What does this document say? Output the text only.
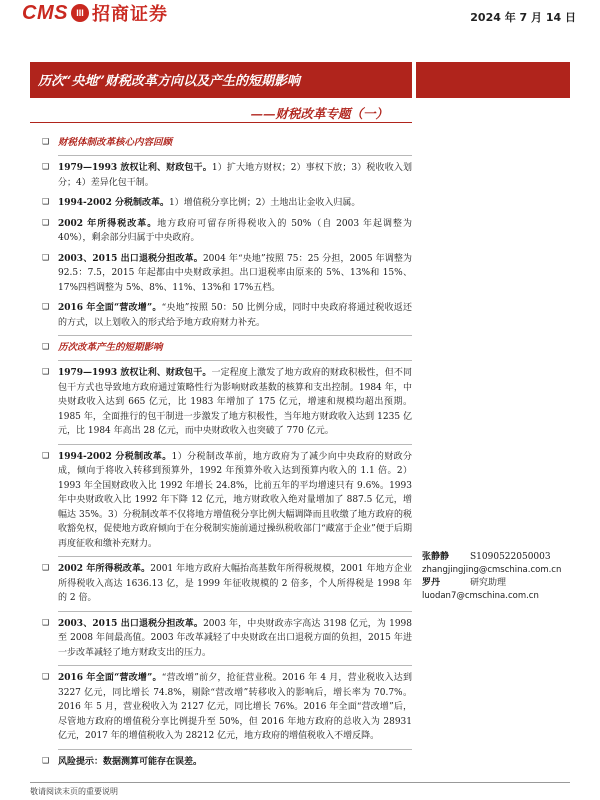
CMS III 招商证券	2024 年 7 月 14 日
历次“央地”财税改革方向以及产生的短期影响
——财税改革专题（一）
❑ 财税体制改革核心内容回顾
❑ 1979—1993 放权让利、财政包干。1）扩大地方财权；2）事权下放；3）税收收入划分；4）差异化包干制。
❑ 1994-2002 分税制改革。1）增值税分享比例；2）土地出让金收入归属。
❑ 2002 年所得税改革。地方政府可留存所得税收入的 50%（自 2003 年起调整为 40%），剩余部分归属于中央政府。
❑ 2003、2015 出口退税分担改革。2004 年“央地”按照 75：25 分担，2005 年调整为 92.5：7.5，2015 年起都由中央财政承担。出口退税率由原来的 5%、13%和 15%、17%四档调整为 5%、8%、11%、13%和 17%五档。
❑ 2016 年全面“营改增”。“央地”按照 50：50 比例分成，同时中央政府将通过税收返还的方式，以上划收入的形式给予地方政府财力补充。
❑ 历次改革产生的短期影响
❑ 1979—1993 放权让利、财政包干。一定程度上激发了地方政府的财政积极性，但不同包干方式也导致地方政府通过策略性行为影响财政基数的核算和支出控制。1984 年，中央财政收入达到 665 亿元，比 1983 年增加了 175 亿元，增速和规模均超出预期。1985 年，全面推行的包干制进一步激发了地方积极性，当年地方财政收入达到 1235 亿元，比 1984 年高出 28 亿元，而中央财政收入也突破了 770 亿元。
❑ 1994-2002 分税制改革。1）分税制改革前，地方政府为了减少向中央政府的财政分成，倾向于将收入转移到预算外，1992 年预算外收入达到预算内收入的 1.1 倍。2）1993 年全国财政收入比 1992 年增长 24.8%，比前五年的平均增速只有 9.6%。1993 年中央财政收入比 1992 年下降 12 亿元，地方财政收入绝对量增加了 887.5 亿元，增幅达 35%。3）分税制改革不仅将地方增值税分享比例大幅调降而且收缴了地方政府的税收豁免权，促使地方政府倾向于在分税制实施前通过操纵税收部门“藏富于企业”便于后期再度征收和缴补充财力。
❑ 2002 年所得税改革。2001 年地方政府大幅抬高基数年所得税规模，2001 年地方企业所得税收入高达 1636.13 亿，是 1999 年征收规模的 2 倍多，个人所得税是 1998 年的 2 倍。
❑ 2003、2015 出口退税分担改革。2003 年，中央财政赤字高达 3198 亿元，为 1998 至 2008 年间最高值。2003 年改革减轻了中央财政在出口退税方面的负担，2015 年进一步改革减轻了地方财政支出的压力。
❑ 2016 年全面“营改增”。“营改增”前夕，抢征营业税。2016 年 4 月，营业税收入达到 3227 亿元，同比增长 74.8%，剔除“营改增”转移收入的影响后，增长率为 70.7%。2016 年 5 月，营业税收入为 2127 亿元，同比增长 76%。2016 年全面“营改增”后，尽管地方政府的增值税分享比例提升至 50%，但 2016 年地方政府的总收入为 28931 亿元，2017 年的增值税收入为 28212 亿元，地方政府的增值税收入不增反降。
❑ 风险提示：数据测算可能存在误差。
张静静	S1090522050003
zhangjingjing@cmschina.com.cn
罗丹	研究助理
luodan7@cmschina.com.cn
敬请阅读末页的重要说明
